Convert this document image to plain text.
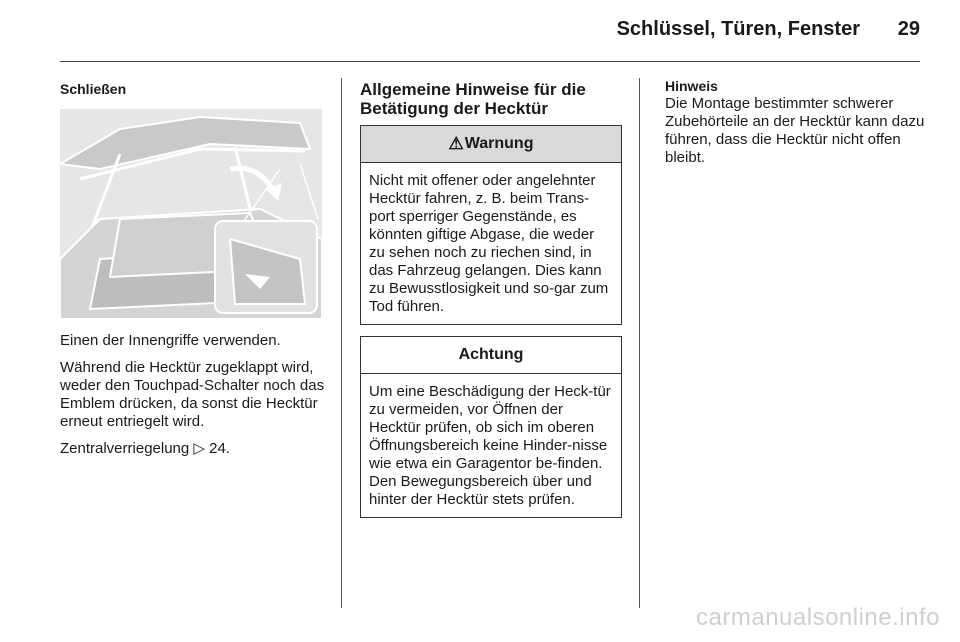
Schlüssel, Türen, Fenster 29
Schließen

Einen der Innengriffe verwenden.

Während die Hecktür zugeklappt wird, weder den Touchpad-Schalter noch das Emblem drücken, da sonst die Hecktür erneut entriegelt wird.

Zentralverriegelung ▷ 24.

Allgemeine Hinweise für die Betätigung der Hecktür
⚠ Warnung
Nicht mit offener oder angelehnter Hecktür fahren, z. B. beim Trans-port sperriger Gegenstände, es könnten giftige Abgase, die weder zu sehen noch zu riechen sind, in das Fahrzeug gelangen. Dies kann zu Bewusstlosigkeit und so-gar zum Tod führen.
Achtung
Um eine Beschädigung der Heck-tür zu vermeiden, vor Öffnen der Hecktür prüfen, ob sich im oberen Öffnungsbereich keine Hinder-nisse wie etwa ein Garagentor be-finden. Den Bewegungsbereich über und hinter der Hecktür stets prüfen.
Hinweis

Die Montage bestimmter schwerer Zubehörteile an der Hecktür kann dazu führen, dass die Hecktür nicht offen bleibt.

carmanualsonline.info
